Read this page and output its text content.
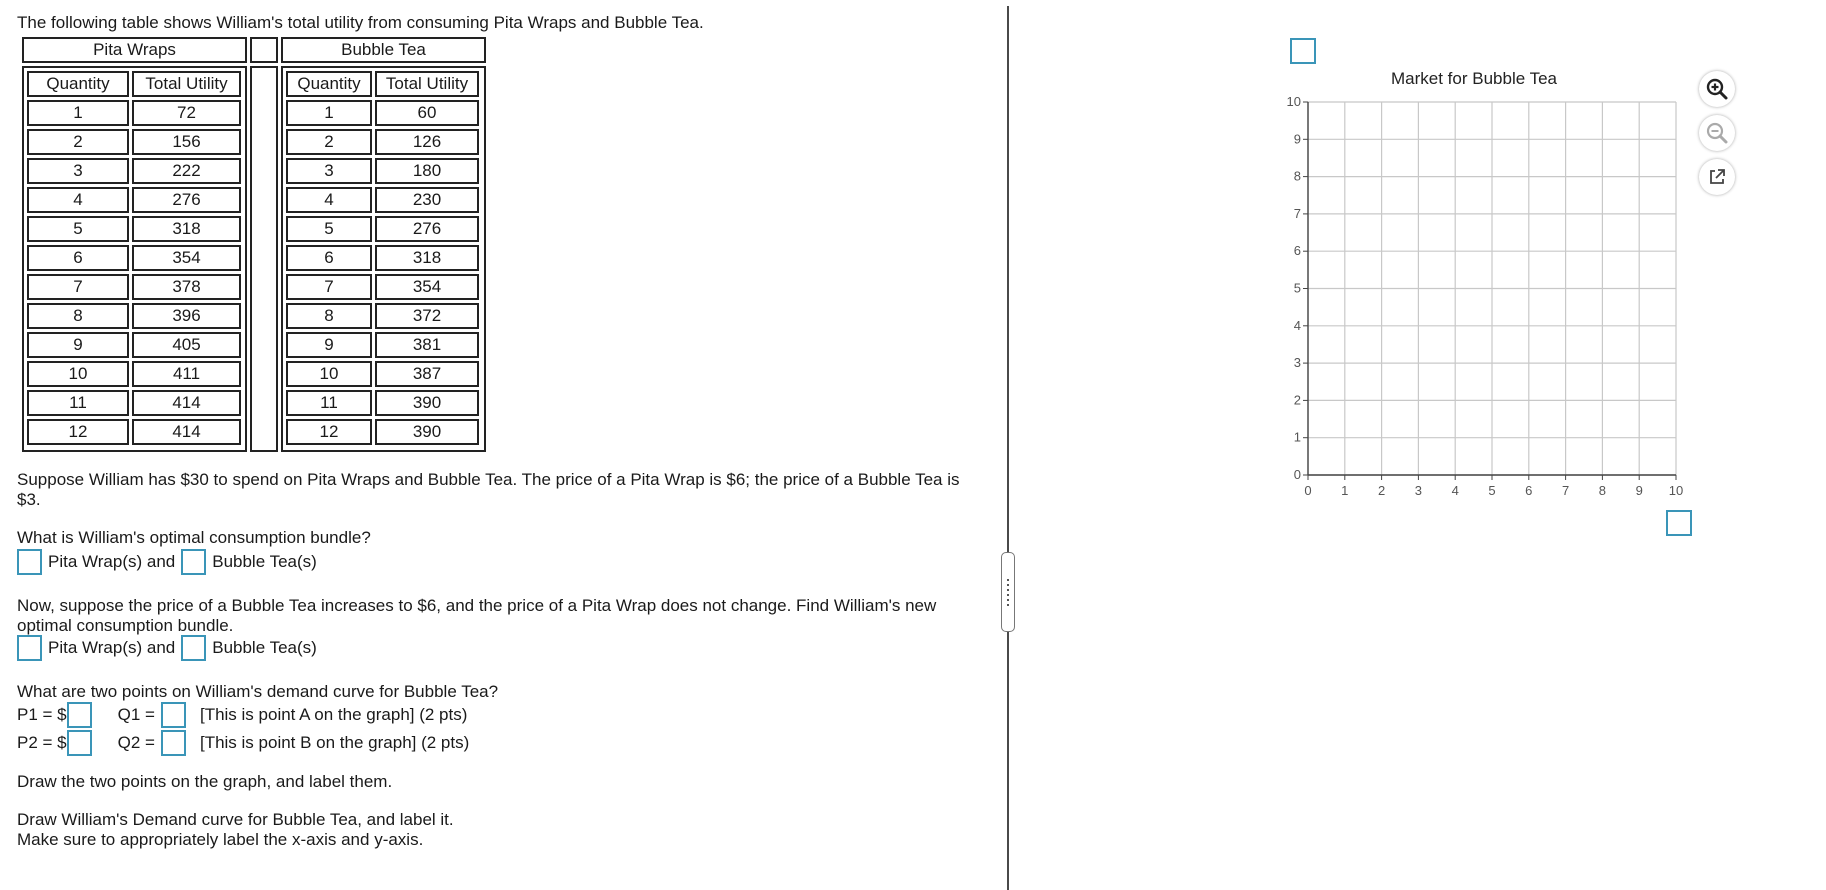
The following table shows William's total utility from consuming Pita Wraps and Bubble Tea.

Pita Wraps
Quantity	Total Utility
1	72
2	156
3	222
4	276
5	318
6	354
7	378
8	396
9	405
10	411
11	414
12	414
Bubble Tea
Quantity	Total Utility
1	60
2	126
3	180
4	230
5	276
6	318
7	354
8	372
9	381
10	387
11	390
12	390

Suppose William has $30 to spend on Pita Wraps and Bubble Tea. The price of a Pita Wrap is $6; the price of a Bubble Tea is
$3.

What is William's optimal consumption bundle?

Pita Wrap(s) and Bubble Tea(s)

Now, suppose the price of a Bubble Tea increases to $6, and the price of a Pita Wrap does not change. Find William's new
optimal consumption bundle.

Pita Wrap(s) and Bubble Tea(s)

What are two points on William's demand curve for Bubble Tea?

P1 = $	Q1 =	[This is point A on the graph] (2 pts)
P2 = $	Q2 =	[This is point B on the graph] (2 pts)

Draw the two points on the graph, and label them.

Draw William's Demand curve for Bubble Tea, and label it.
Make sure to appropriately label the x-axis and y-axis.

Market for Bubble Tea
0 1 2 3 4 5 6 7 8 9 10
0
1
2
3
4
5
6
7
8
9
10
